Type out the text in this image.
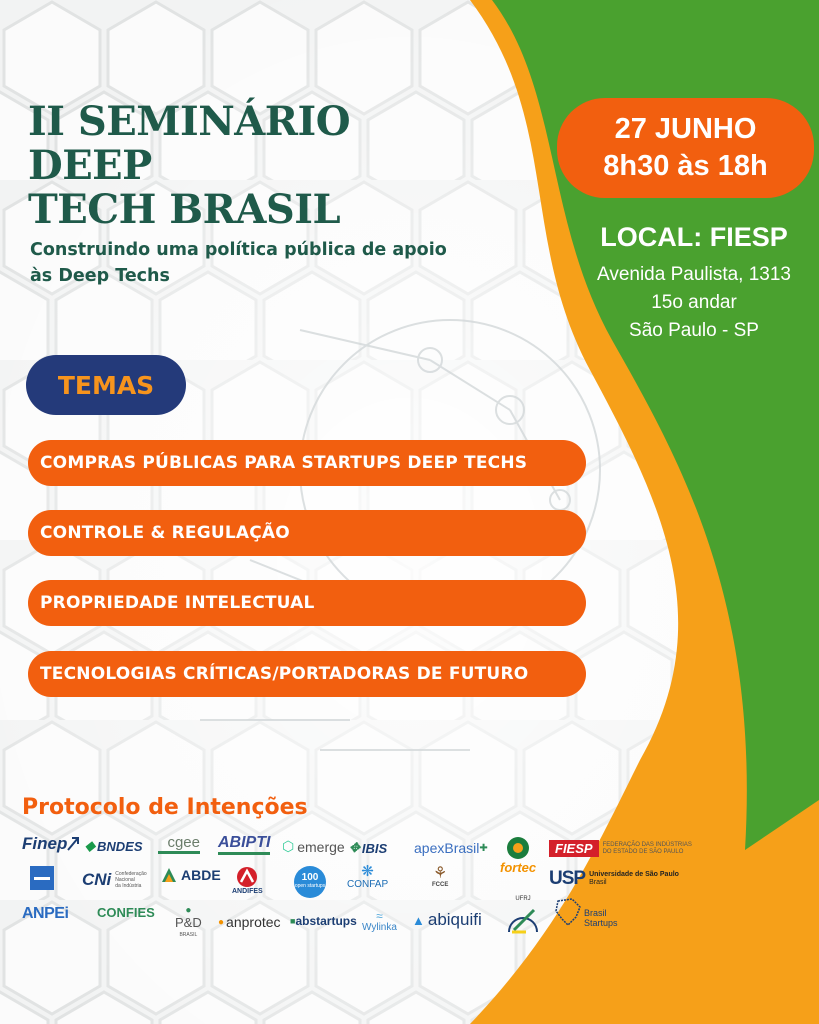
II SEMINÁRIO DEEP
TECH BRASIL

Construindo uma política pública de apoio
às Deep Techs

27 JUNHO
8h30 às 18h
LOCAL: FIESP
Avenida Paulista, 1313
15o andar
São Paulo - SP
TEMAS
COMPRAS PÚBLICAS PARA STARTUPS DEEP TECHS
CONTROLE & REGULAÇÃO
PROPRIEDADE INTELECTUAL
TECNOLOGIAS CRÍTICAS/PORTADORAS DE FUTURO
Protocolo de Intenções
Finep ◆ BNDES	cgee ABIPTI ⬡ emerge ✥ IBIS apexBrasil ✚
fortec
FIESP	FEDERAÇÃO DAS INDÚSTRIAS
DO ESTADO DE SÃO PAULO
CNi Confederação
Nacional
da Indústria
ABDE
ANDIFES
100
open startups
❋
CONFAP
⚘
FCCE	USP Universidade de São Paulo
Brasil
ANPEi CONFIES	●
P&D
BRASIL
● anprotec ■ abstartups ≈
Wylinka ▲ abiquifi
UFRJ
Brasil
Startups
